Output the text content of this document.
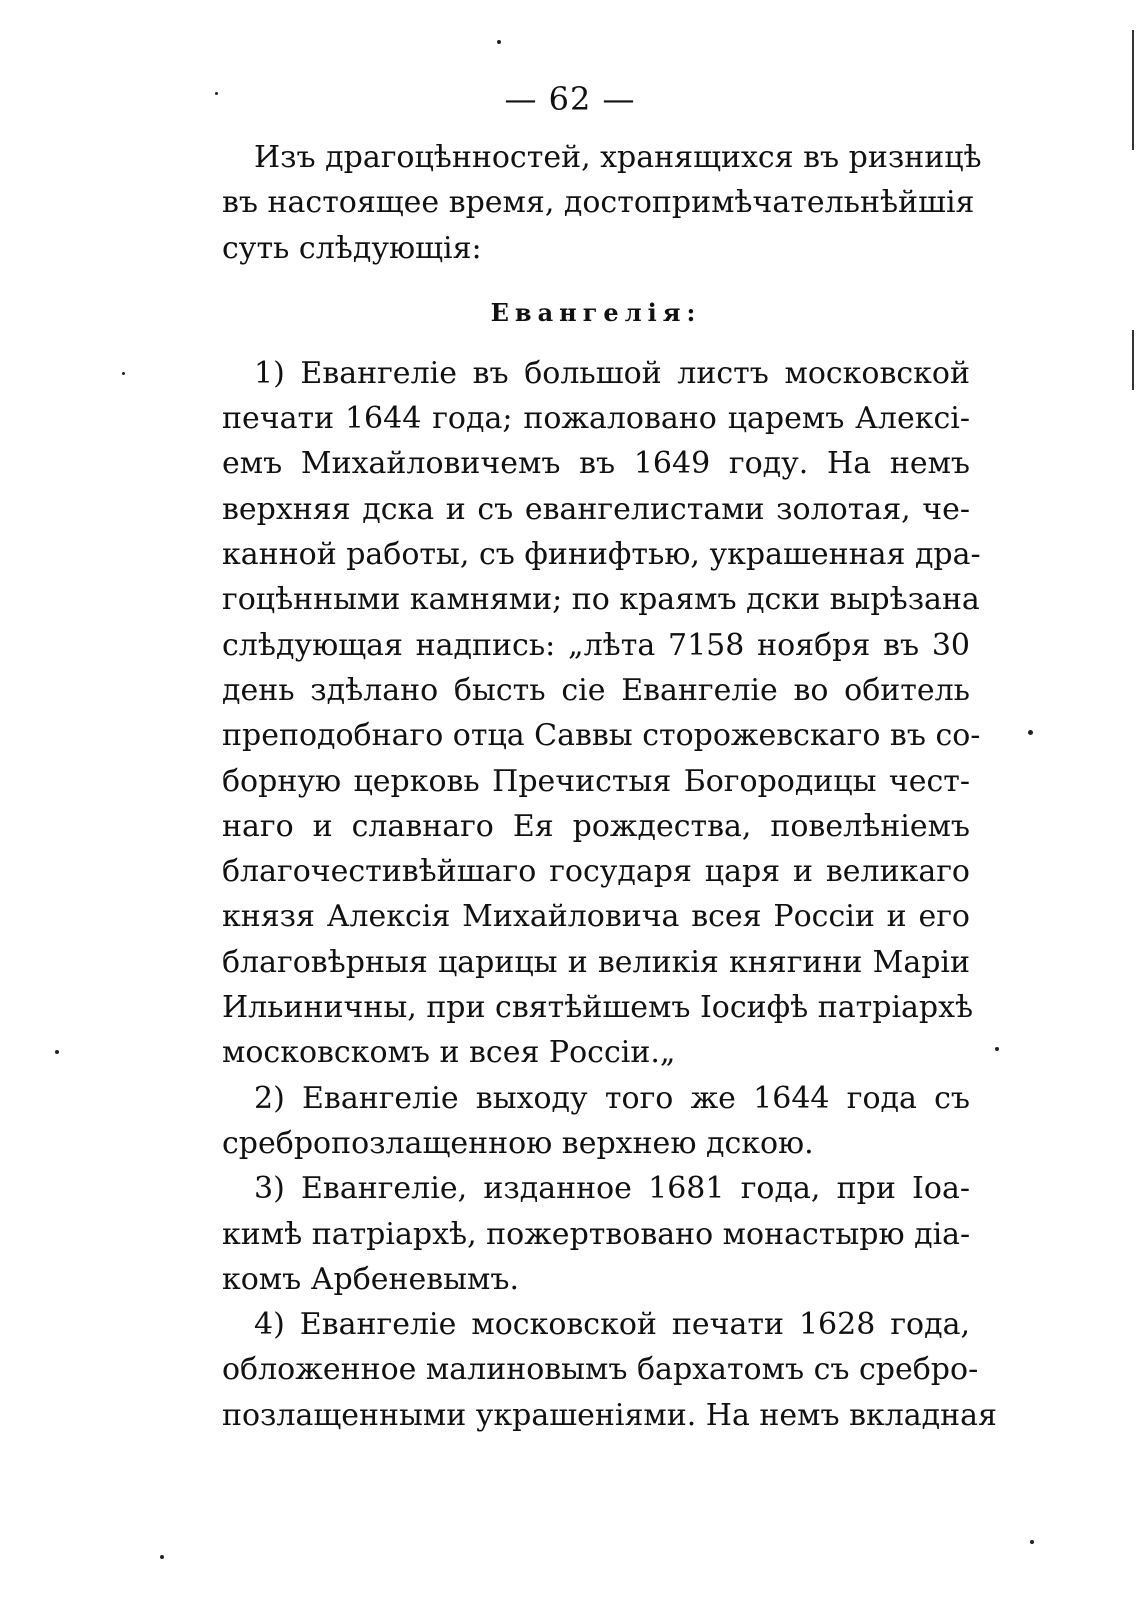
— 62 —
Изъ драгоцѣнностей, хранящихся въ ризницѣ
въ настоящее время, достопримѣчательнѣйшія
суть слѣдующія:
Евангелія:
1) Евангеліе въ большой листъ московской
печати 1644 года; пожаловано царемъ Алексі-
емъ Михайловичемъ въ 1649 году. На немъ
верхняя дска и съ евангелистами золотая, че-
канной работы, съ финифтью, украшенная дра-
гоцѣнными камнями; по краямъ дски вырѣзана
слѣдующая надпись: „лѣта 7158 ноября въ 30
день здѣлано бысть сіе Евангеліе во обитель
преподобнаго отца Саввы сторожевскаго въ со-
борную церковь Пречистыя Богородицы чест-
наго и славнаго Ея рождества, повелѣніемъ
благочестивѣйшаго государя царя и великаго
князя Алексія Михайловича всея Россіи и его
благовѣрныя царицы и великія княгини Маріи
Ильиничны, при святѣйшемъ Іосифѣ патріархѣ
московскомъ и всея Россіи.„
2) Евангеліе выходу того же 1644 года съ
сребропозлащенною верхнею дскою.
3) Евангеліе, изданное 1681 года, при Іоа-
кимѣ патріархѣ, пожертвовано монастырю діа-
комъ Арбеневымъ.
4) Евангеліе московской печати 1628 года,
обложенное малиновымъ бархатомъ съ сребро-
позлащенными украшеніями. На немъ вкладная
